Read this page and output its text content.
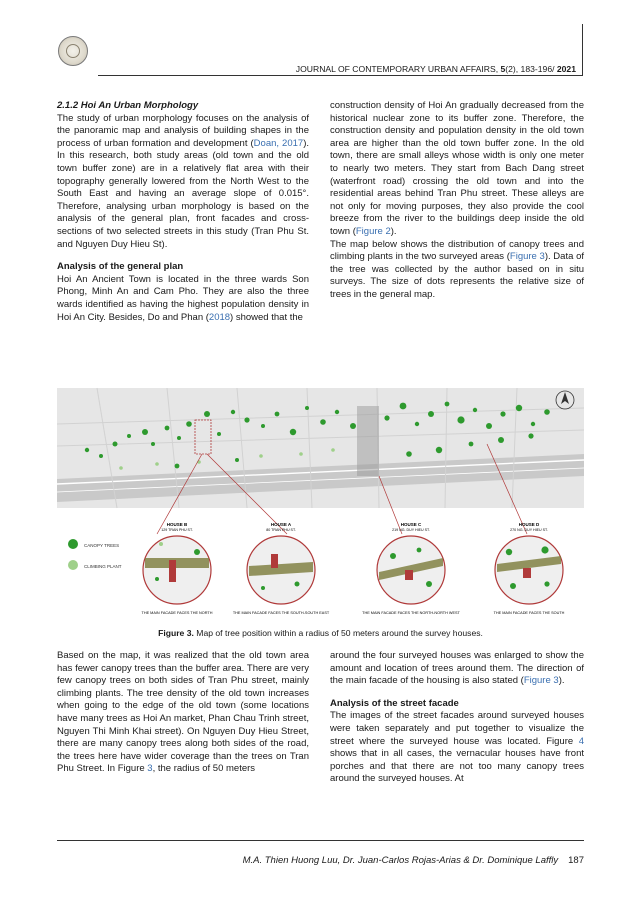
JOURNAL OF CONTEMPORARY URBAN AFFAIRS, 5(2), 183-196/ 2021

2.1.2 Hoi An Urban Morphology

The study of urban morphology focuses on the analysis of the panoramic map and analysis of building shapes in the process of urban formation and development (Doan, 2017). In this research, both study areas (old town and the old town buffer zone) are in a relatively flat area with their topography generally lowered from the North West to the South East and having an average slope of 0.015°. Therefore, analysing urban morphology is based on the analysis of the general plan, front facades and cross-sections of two selected streets in this study (Tran Phu St. and Nguyen Duy Hieu St).

Analysis of the general plan

Hoi An Ancient Town is located in the three wards Son Phong, Minh An and Cam Pho. They are also the three wards identified as having the highest population density in Hoi An City. Besides, Do and Phan (2018) showed that the

construction density of Hoi An gradually decreased from the historical nuclear zone to its buffer zone. Therefore, the construction density and population density in the old town area are higher than the old town buffer zone. In the old town, there are small alleys whose width is only one meter to nearly two meters. They start from Bach Dang street (waterfront road) crossing the old town and into the residential areas behind Tran Phu street. These alleys are not only for moving purposes, they also provide the cool breeze from the river to the buildings deep inside the old town (Figure 2).

The map below shows the distribution of canopy trees and climbing plants in the two surveyed areas (Figure 3). Data of the tree was collected by the author based on in situ surveys. The size of dots represents the relative size of trees in the general map.

CANOPY TREES
CLIMBING PLANT
HOUSE B
129 TRAN PHU ST.
THE MAIN FACADE FACES THE NORTH
HOUSE A
80 TRAN PHU ST.
THE MAIN FACADE FACES THE SOUTH-SOUTH EAST
HOUSE C
219 NG. DUY HIEU ST.
THE MAIN FACADE FACES THE NORTH-NORTH WEST
HOUSE D
270 NG. DUY HIEU ST.
THE MAIN FACADE FACES THE SOUTH
Figure 3. Map of tree position within a radius of 50 meters around the survey houses.

Based on the map, it was realized that the old town area has fewer canopy trees than the buffer area. There are very few canopy trees on both sides of Tran Phu street, mainly climbing plants. The tree density of the old town increases when going to the edge of the old town (some locations have many trees as Hoi An market, Phan Chau Trinh street, Nguyen Thi Minh Khai street). On Nguyen Duy Hieu Street, there are many canopy trees along both sides of the road, the trees here have wider coverage than the trees on Tran Phu Street. In Figure 3, the radius of 50 meters

around the four surveyed houses was enlarged to show the amount and location of trees around them. The direction of the main facade of the housing is also stated (Figure 3).

Analysis of the street facade

The images of the street facades around surveyed houses were taken separately and put together to visualize the street where the surveyed house was located. Figure 4 shows that in all cases, the vernacular houses have front porches and that there are not too many canopy trees around the surveyed houses. At

M.A. Thien Huong Luu, Dr. Juan-Carlos Rojas-Arias & Dr. Dominique Laffly 187
